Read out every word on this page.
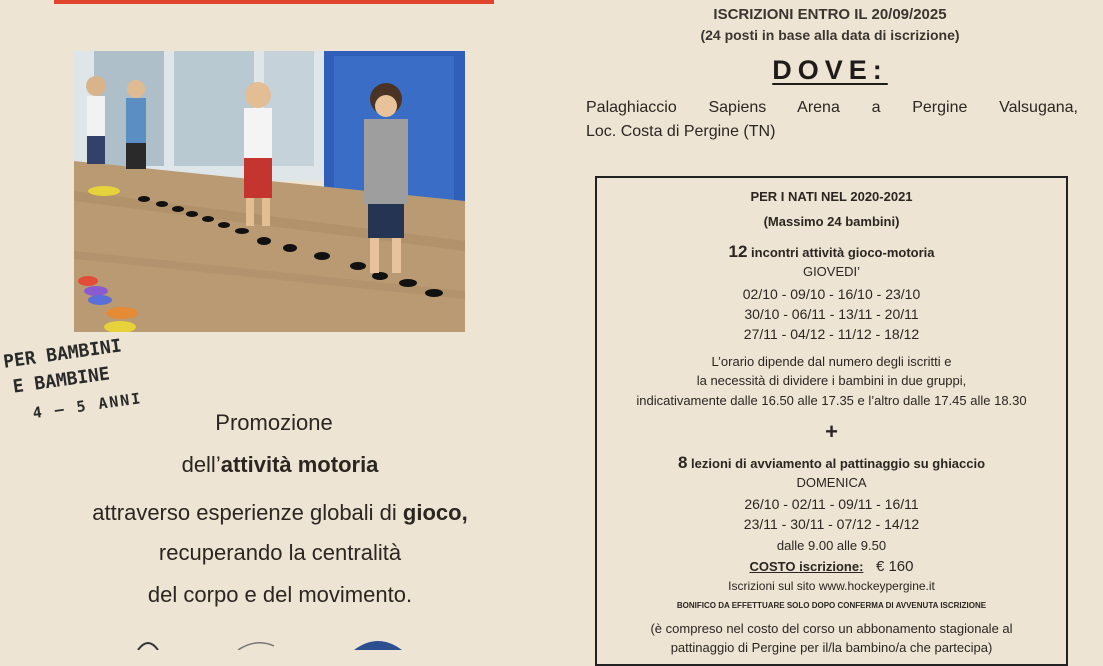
ISCRIZIONI ENTRO IL 20/09/2025
(24 posti in base alla data di iscrizione)
DOVE:
Palaghiaccio Sapiens Arena a Pergine Valsugana,
Loc. Costa di Pergine (TN)
PER BAMBINI
E BAMBINE
4 – 5 ANNI
Promozione
dell’attività motoria
attraverso esperienze globali di gioco,
recuperando la centralità
del corpo e del movimento.
PER I NATI NEL 2020-2021
(Massimo 24 bambini)
12 incontri attività gioco-motoria
GIOVEDI’
02/10 - 09/10 - 16/10 - 23/10
30/10 - 06/11 - 13/11 - 20/11
27/11 - 04/12 - 11/12 - 18/12
L’orario dipende dal numero degli iscritti e
la necessità di dividere i bambini in due gruppi,
indicativamente dalle 16.50 alle 17.35 e l’altro dalle 17.45 alle 18.30
+
8 lezioni di avviamento al pattinaggio su ghiaccio
DOMENICA
26/10 - 02/11 - 09/11 - 16/11
23/11 - 30/11 - 07/12 - 14/12
dalle 9.00 alle 9.50
COSTO iscrizione: € 160
Iscrizioni sul sito www.hockeypergine.it
BONIFICO DA EFFETTUARE SOLO DOPO CONFERMA DI AVVENUTA ISCRIZIONE
(è compreso nel costo del corso un abbonamento stagionale al
pattinaggio di Pergine per il/la bambino/a che partecipa)
